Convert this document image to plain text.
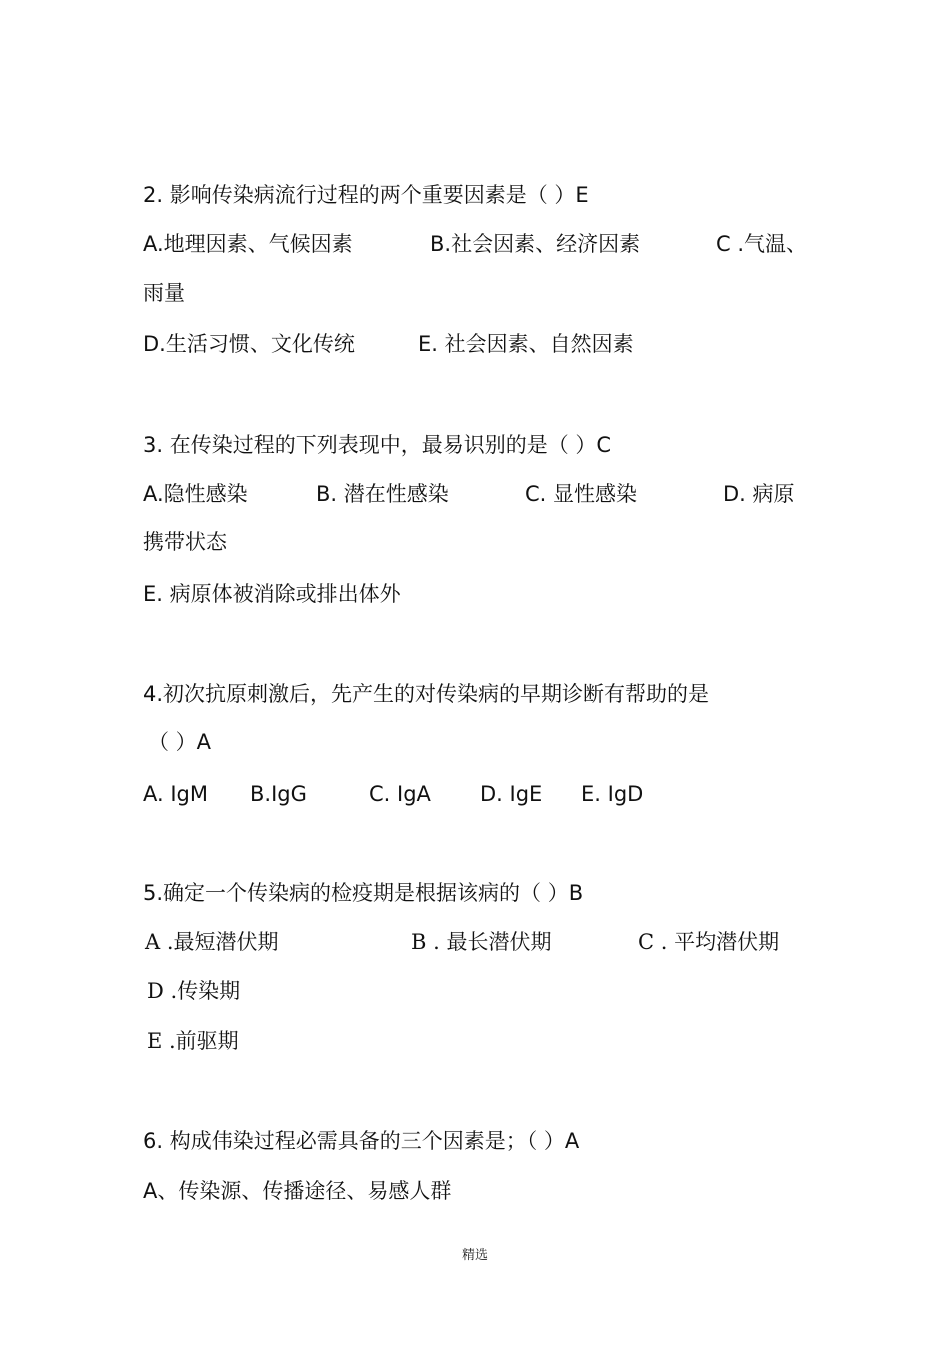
2. 影响传染病流行过程的两个重要因素是（ ）E
A.地理因素、气候因素	B.社会因素、经济因素	C .气温、
雨量
D.生活习惯、文化传统	E. 社会因素、自然因素
3. 在传染过程的下列表现中，最易识别的是（ ）C
A.隐性感染	B. 潜在性感染	C. 显性感染	D. 病原
携带状态
E. 病原体被消除或排出体外
4.初次抗原刺激后，先产生的对传染病的早期诊断有帮助的是
（ ）A
A. IgM B.IgG	C. IgA D. IgE E. IgD
5.确定一个传染病的检疫期是根据该病的（ ）B
A .最短潜伏期	B . 最长潜伏期	C . 平均潜伏期
D .传染期
E .前驱期
6. 构成伟染过程必需具备的三个因素是；（ ）A
A、传染源、传播途径、易感人群
精选
